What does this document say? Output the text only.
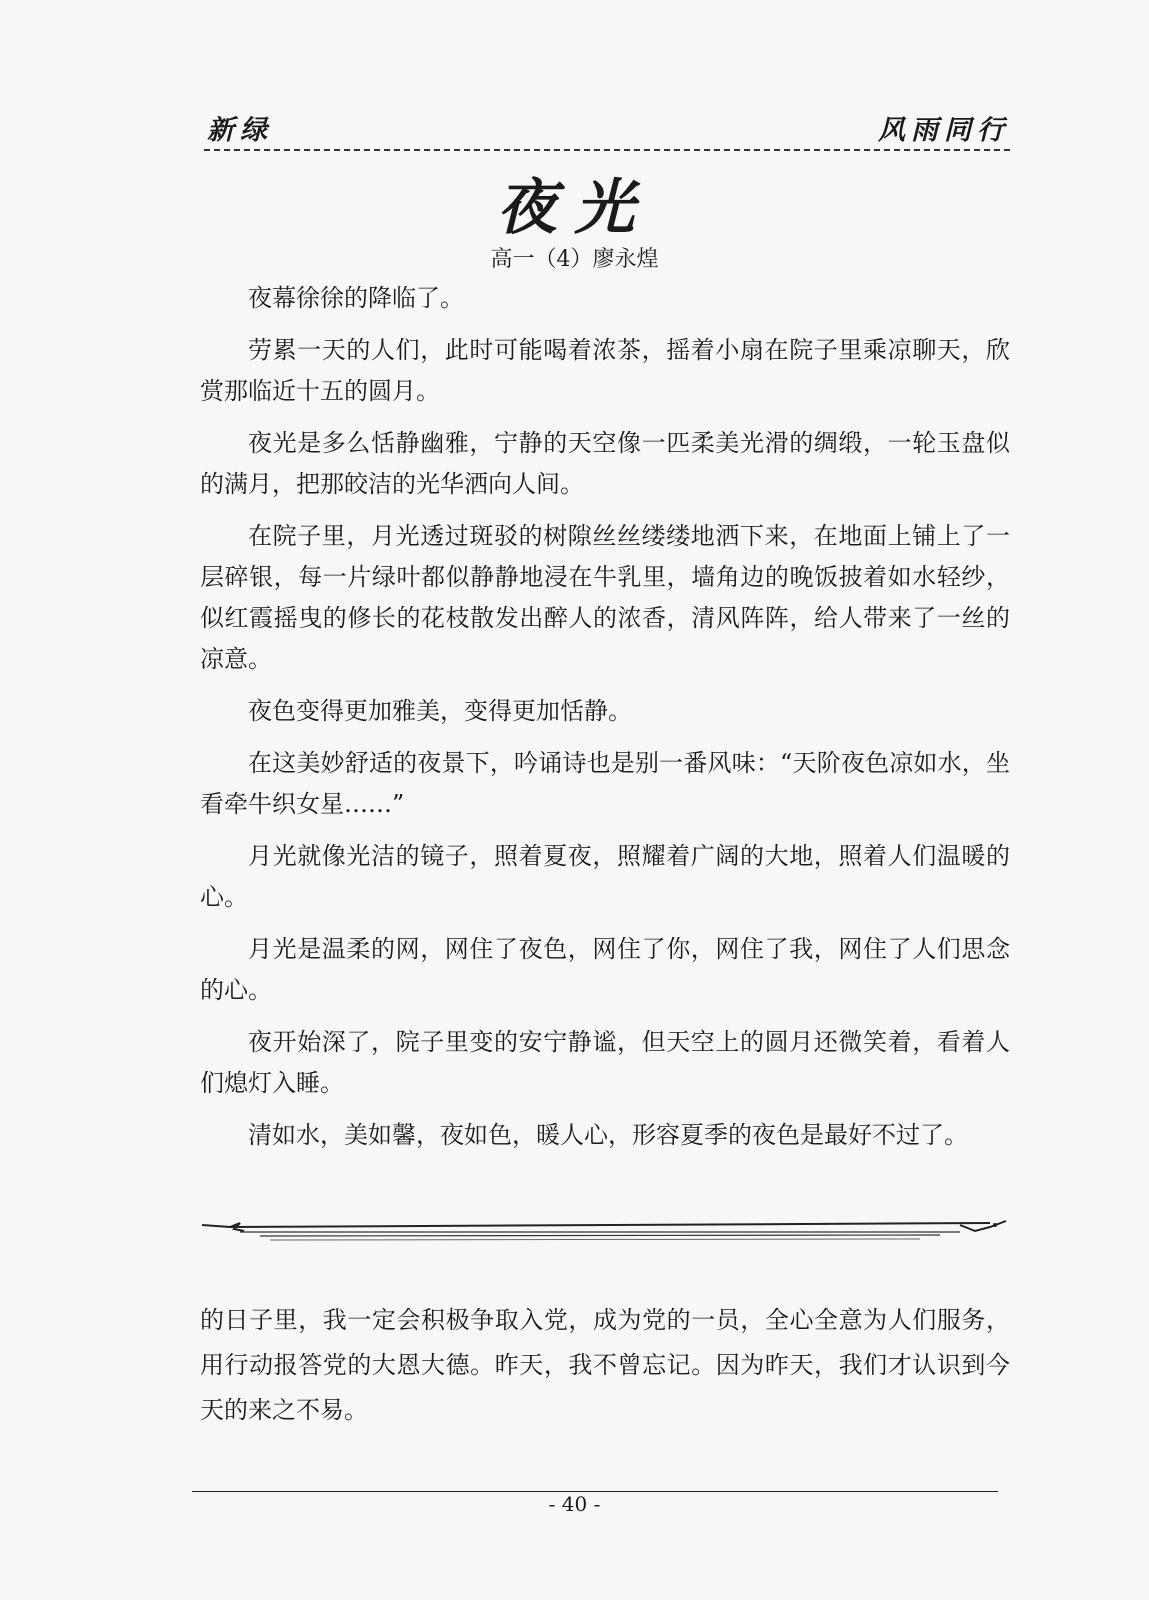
新绿	风雨同行
夜光
高一（4）廖永煌

夜幕徐徐的降临了。

劳累一天的人们，此时可能喝着浓茶，摇着小扇在院子里乘凉聊天，欣赏那临近十五的圆月。

夜光是多么恬静幽雅，宁静的天空像一匹柔美光滑的绸缎，一轮玉盘似的满月，把那皎洁的光华洒向人间。

在院子里，月光透过斑驳的树隙丝丝缕缕地洒下来，在地面上铺上了一层碎银，每一片绿叶都似静静地浸在牛乳里，墙角边的晚饭披着如水轻纱，似红霞摇曳的修长的花枝散发出醉人的浓香，清风阵阵，给人带来了一丝的凉意。

夜色变得更加雅美，变得更加恬静。

在这美妙舒适的夜景下，吟诵诗也是别一番风味：“天阶夜色凉如水，坐看牵牛织女星……”

月光就像光洁的镜子，照着夏夜，照耀着广阔的大地，照着人们温暖的心。

月光是温柔的网，网住了夜色，网住了你，网住了我，网住了人们思念的心。

夜开始深了，院子里变的安宁静谧，但天空上的圆月还微笑着，看着人们熄灯入睡。

清如水，美如馨，夜如色，暖人心，形容夏季的夜色是最好不过了。

的日子里，我一定会积极争取入党，成为党的一员，全心全意为人们服务，用行动报答党的大恩大德。昨天，我不曾忘记。因为昨天，我们才认识到今天的来之不易。
- 40 -
